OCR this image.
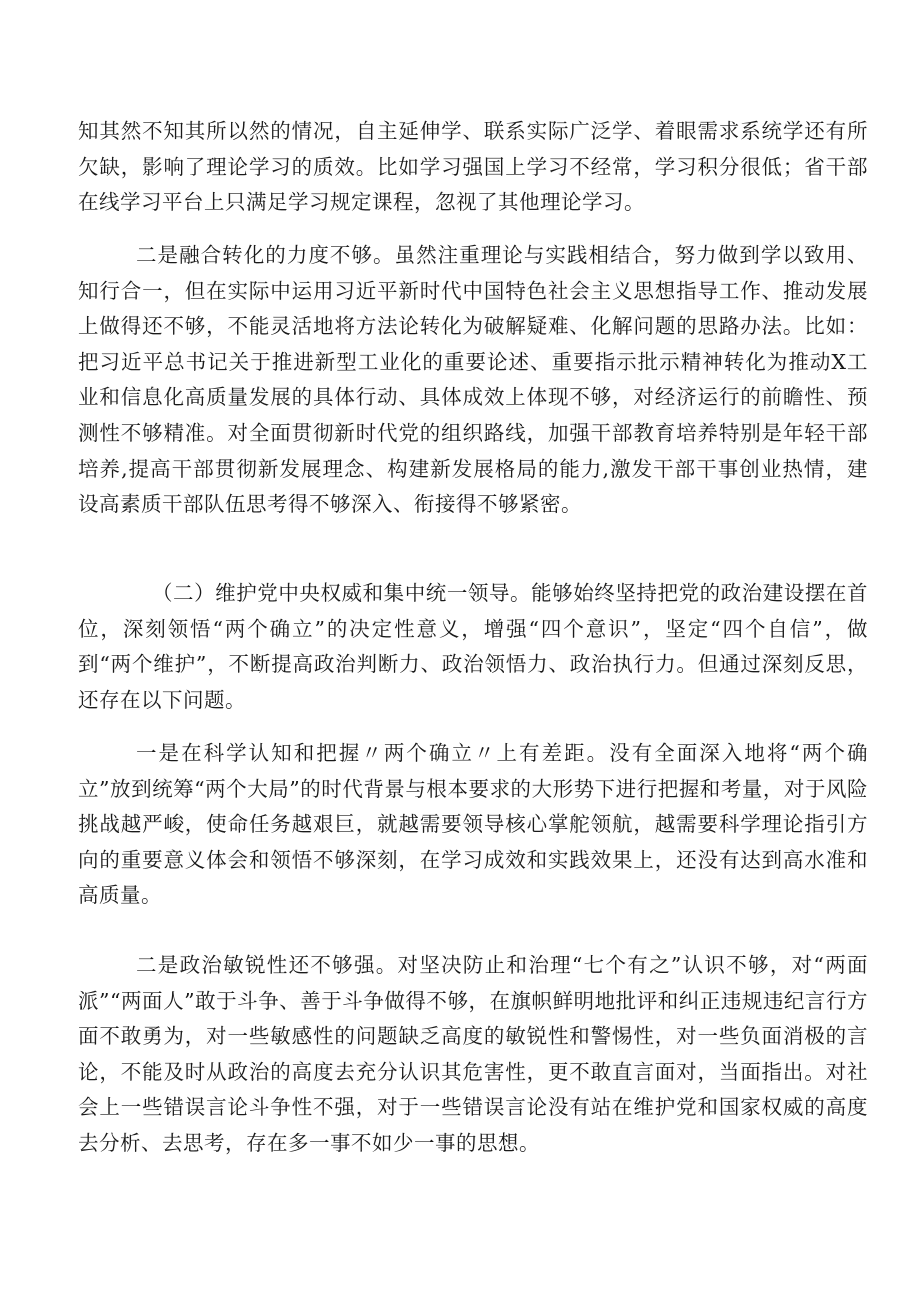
知其然不知其所以然的情况，自主延伸学、联系实际广泛学、着眼需求系统学还有所欠缺，影响了理论学习的质效。比如学习强国上学习不经常，学习积分很低；省干部在线学习平台上只满足学习规定课程，忽视了其他理论学习。

二是融合转化的力度不够。虽然注重理论与实践相结合，努力做到学以致用、知行合一，但在实际中运用习近平新时代中国特色社会主义思想指导工作、推动发展上做得还不够，不能灵活地将方法论转化为破解疑难、化解问题的思路办法。比如：把习近平总书记关于推进新型工业化的重要论述、重要指示批示精神转化为推动X工业和信息化高质量发展的具体行动、具体成效上体现不够，对经济运行的前瞻性、预测性不够精准。对全面贯彻新时代党的组织路线，加强干部教育培养特别是年轻干部培养,提高干部贯彻新发展理念、构建新发展格局的能力,激发干部干事创业热情，建设高素质干部队伍思考得不够深入、衔接得不够紧密。

（二）维护党中央权威和集中统一领导。能够始终坚持把党的政治建设摆在首位，深刻领悟“两个确立”的决定性意义，增强“四个意识”，坚定“四个自信”，做到“两个维护”，不断提高政治判断力、政治领悟力、政治执行力。但通过深刻反思，还存在以下问题。

一是在科学认知和把握〃两个确立〃上有差距。没有全面深入地将“两个确立”放到统筹“两个大局”的时代背景与根本要求的大形势下进行把握和考量，对于风险挑战越严峻，使命任务越艰巨，就越需要领导核心掌舵领航，越需要科学理论指引方向的重要意义体会和领悟不够深刻，在学习成效和实践效果上，还没有达到高水准和高质量。

二是政治敏锐性还不够强。对坚决防止和治理“七个有之”认识不够，对“两面派”“两面人”敢于斗争、善于斗争做得不够，在旗帜鲜明地批评和纠正违规违纪言行方面不敢勇为，对一些敏感性的问题缺乏高度的敏锐性和警惕性，对一些负面消极的言论，不能及时从政治的高度去充分认识其危害性，更不敢直言面对，当面指出。对社会上一些错误言论斗争性不强，对于一些错误言论没有站在维护党和国家权威的高度去分析、去思考，存在多一事不如少一事的思想。
